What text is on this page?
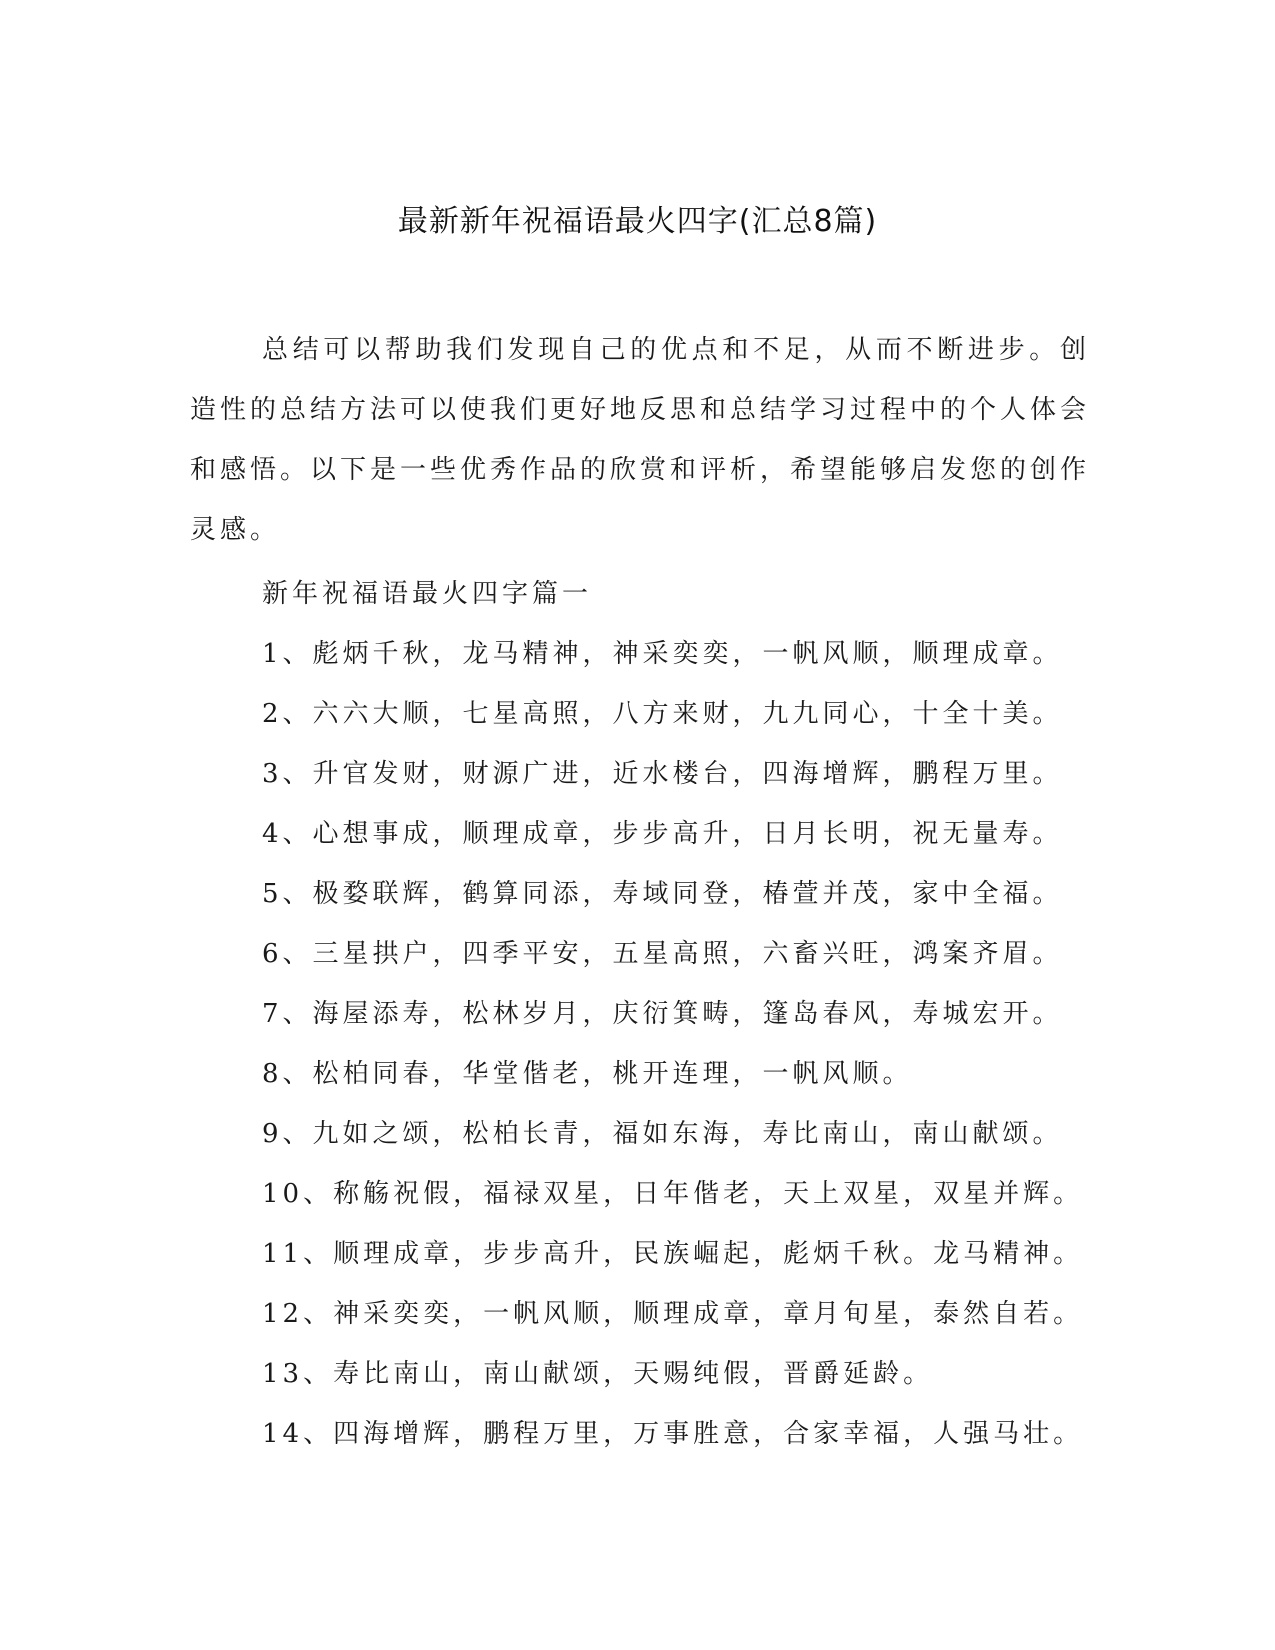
最新新年祝福语最火四字(汇总8篇)

总结可以帮助我们发现自己的优点和不足，从而不断进步。创造性的总结方法可以使我们更好地反思和总结学习过程中的个人体会和感悟。以下是一些优秀作品的欣赏和评析，希望能够启发您的创作灵感。

新年祝福语最火四字篇一
1、彪炳千秋，龙马精神，神采奕奕，一帆风顺，顺理成章。
2、六六大顺，七星高照，八方来财，九九同心，十全十美。
3、升官发财，财源广进，近水楼台，四海增辉，鹏程万里。
4、心想事成，顺理成章，步步高升，日月长明，祝无量寿。
5、极婺联辉，鹤算同添，寿域同登，椿萱并茂，家中全福。
6、三星拱户，四季平安，五星高照，六畜兴旺，鸿案齐眉。
7、海屋添寿，松林岁月，庆衍箕畴，篷岛春风，寿城宏开。
8、松柏同春，华堂偕老，桃开连理，一帆风顺。
9、九如之颂，松柏长青，福如东海，寿比南山，南山献颂。
10、称觞祝假，福禄双星，日年偕老，天上双星，双星并辉。
11、顺理成章，步步高升，民族崛起，彪炳千秋。龙马精神。
12、神采奕奕，一帆风顺，顺理成章，章月旬星，泰然自若。
13、寿比南山，南山献颂，天赐纯假，晋爵延龄。
14、四海增辉，鹏程万里，万事胜意，合家幸福，人强马壮。
